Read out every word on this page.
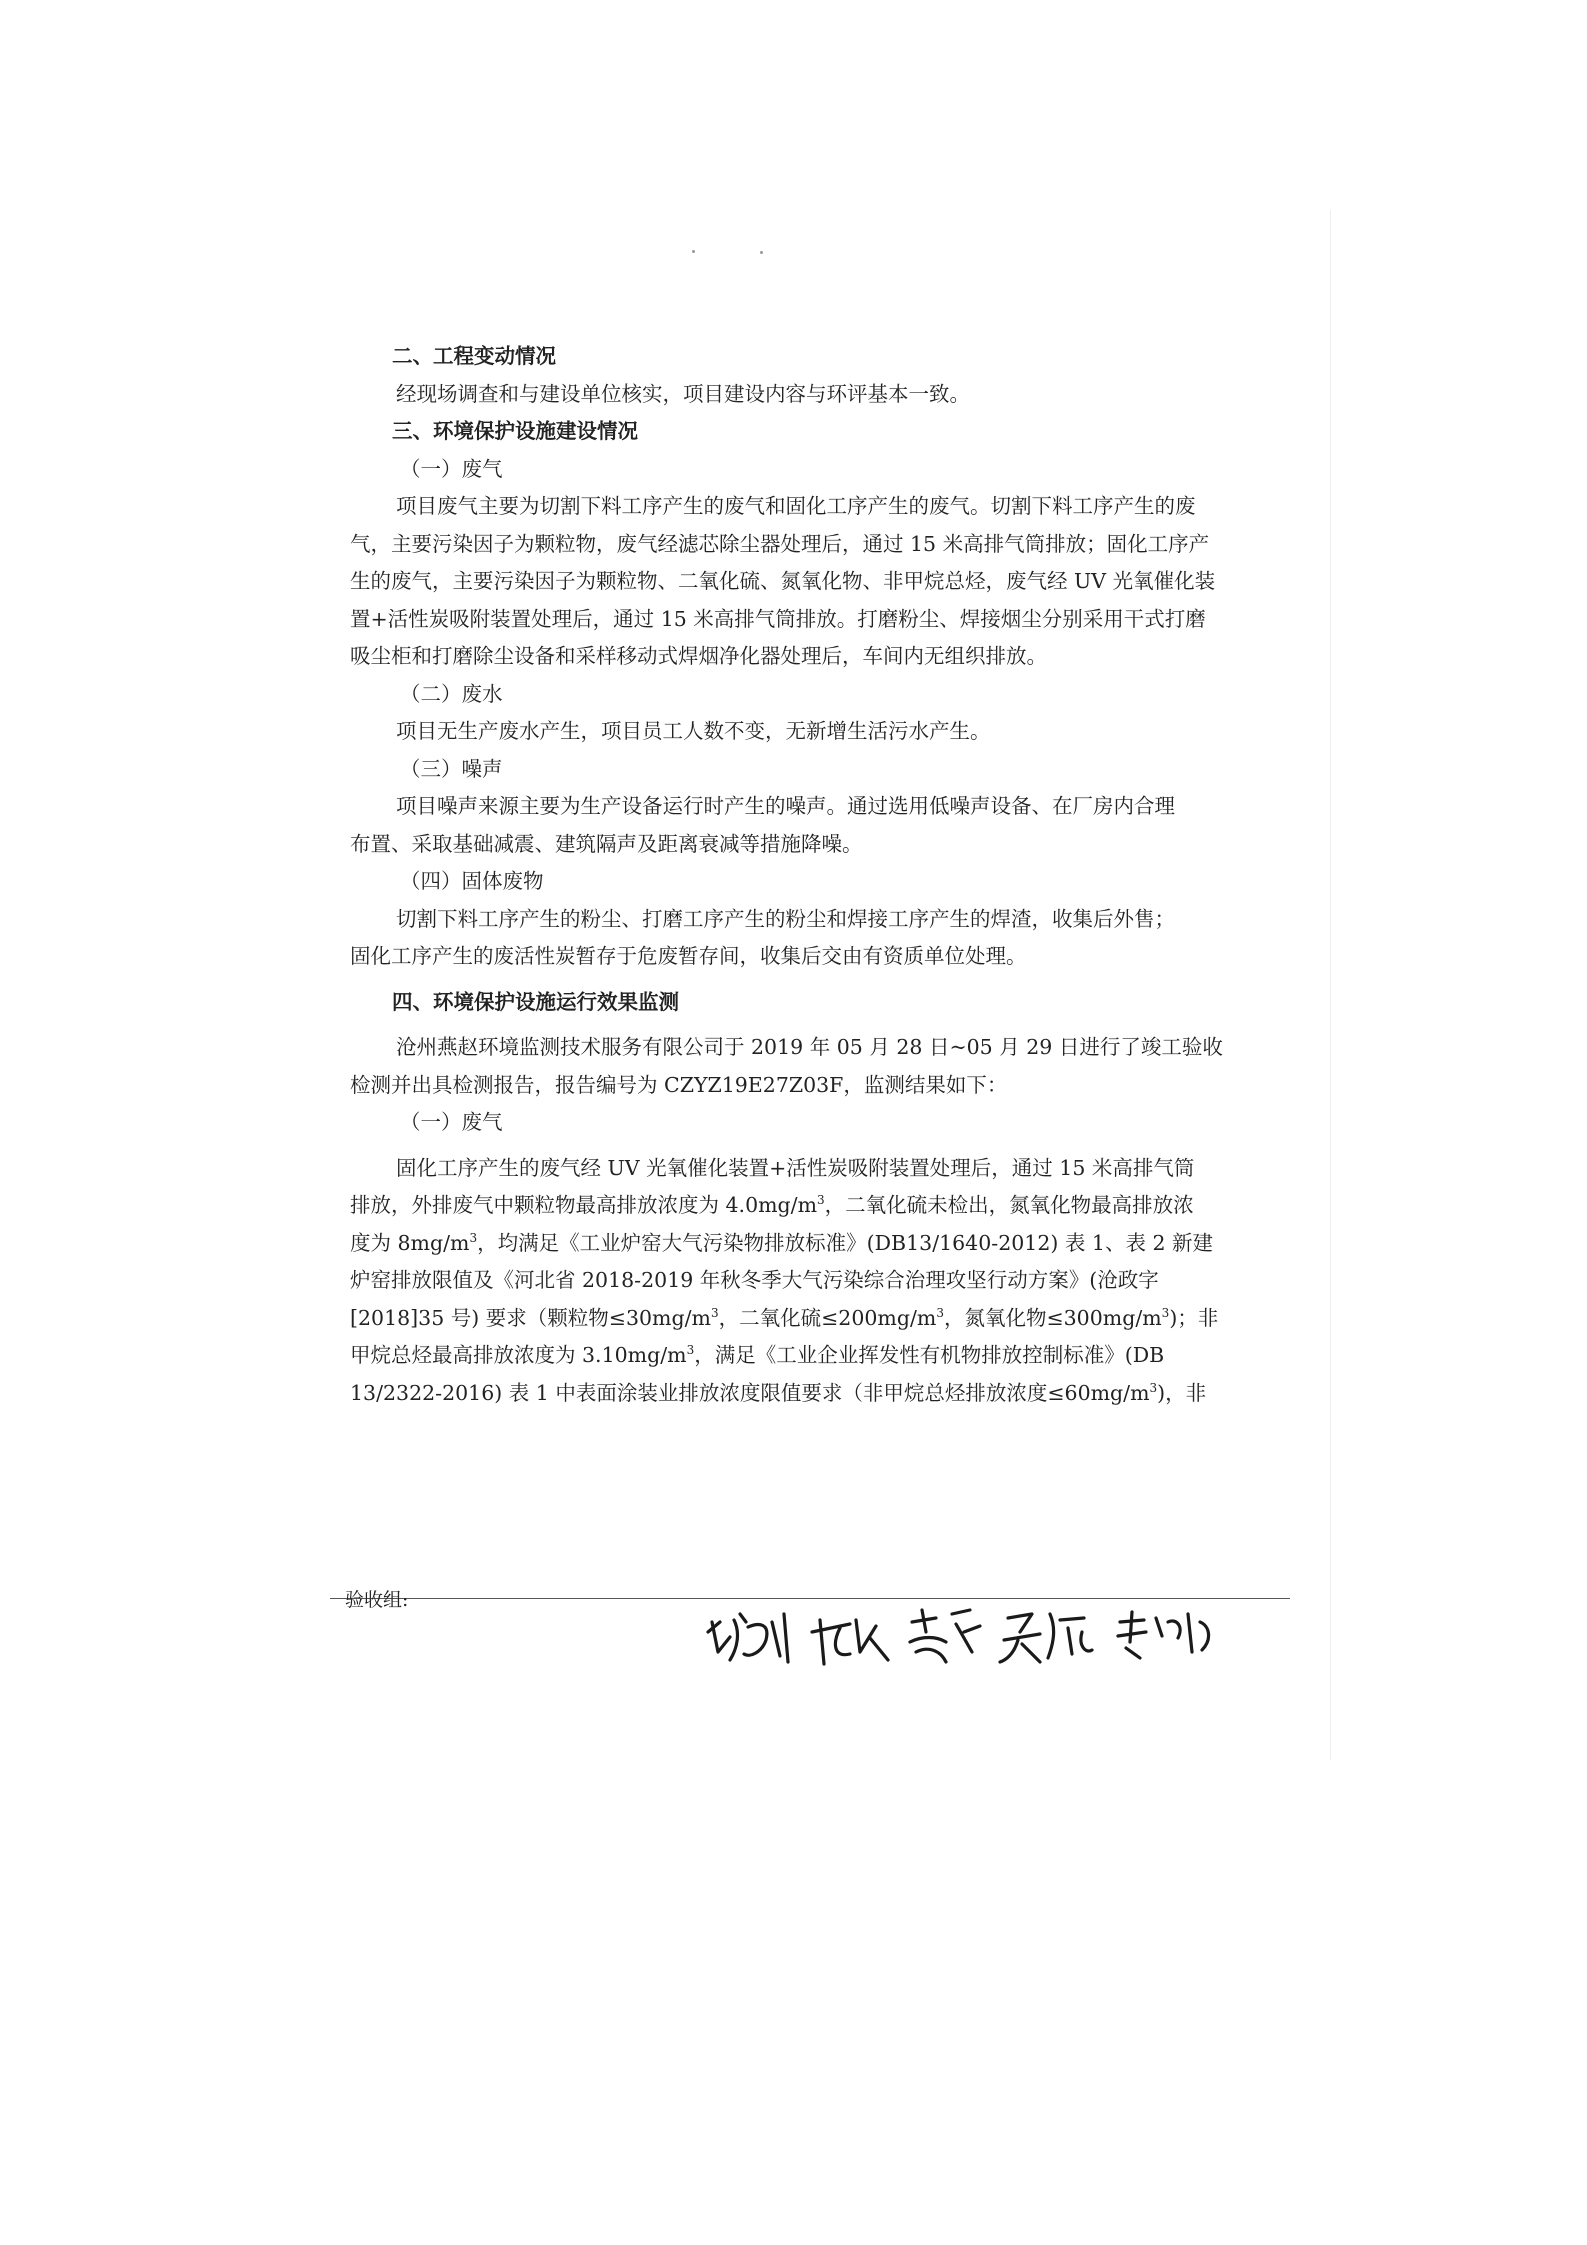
二、工程变动情况
经现场调查和与建设单位核实，项目建设内容与环评基本一致。
三、环境保护设施建设情况
（一）废气
项目废气主要为切割下料工序产生的废气和固化工序产生的废气。切割下料工序产生的废
气，主要污染因子为颗粒物，废气经滤芯除尘器处理后，通过 15 米高排气筒排放；固化工序产
生的废气，主要污染因子为颗粒物、二氧化硫、氮氧化物、非甲烷总烃，废气经 UV 光氧催化装
置+活性炭吸附装置处理后，通过 15 米高排气筒排放。打磨粉尘、焊接烟尘分别采用干式打磨
吸尘柜和打磨除尘设备和采样移动式焊烟净化器处理后，车间内无组织排放。
（二）废水
项目无生产废水产生，项目员工人数不变，无新增生活污水产生。
（三）噪声
项目噪声来源主要为生产设备运行时产生的噪声。通过选用低噪声设备、在厂房内合理
布置、采取基础减震、建筑隔声及距离衰减等措施降噪。
（四）固体废物
切割下料工序产生的粉尘、打磨工序产生的粉尘和焊接工序产生的焊渣，收集后外售；
固化工序产生的废活性炭暂存于危废暂存间，收集后交由有资质单位处理。
四、环境保护设施运行效果监测
沧州燕赵环境监测技术服务有限公司于 2019 年 05 月 28 日~05 月 29 日进行了竣工验收
检测并出具检测报告，报告编号为 CZYZ19E27Z03F，监测结果如下：
（一）废气
固化工序产生的废气经 UV 光氧催化装置+活性炭吸附装置处理后，通过 15 米高排气筒
排放，外排废气中颗粒物最高排放浓度为 $4.0mg/m^3$，二氧化硫未检出，氮氧化物最高排放浓
度为 $8mg/m^3$，均满足《工业炉窑大气污染物排放标准》(DB13/1640-2012) 表 1、表 2 新建
炉窑排放限值及《河北省 2018-2019 年秋冬季大气污染综合治理攻坚行动方案》(沧政字
[2018]35 号) 要求（颗粒物$\le 30mg/m^3$，二氧化硫$\le 200mg/m^3$，氮氧化物$\le 300mg/m^3$)；非
甲烷总烃最高排放浓度为 $3.10mg/m^3$，满足《工业企业挥发性有机物排放控制标准》(DB
13/2322-2016) 表 1 中表面涂装业排放浓度限值要求（非甲烷总烃排放浓度$\le 60mg/m^3$)，非
验收组:
